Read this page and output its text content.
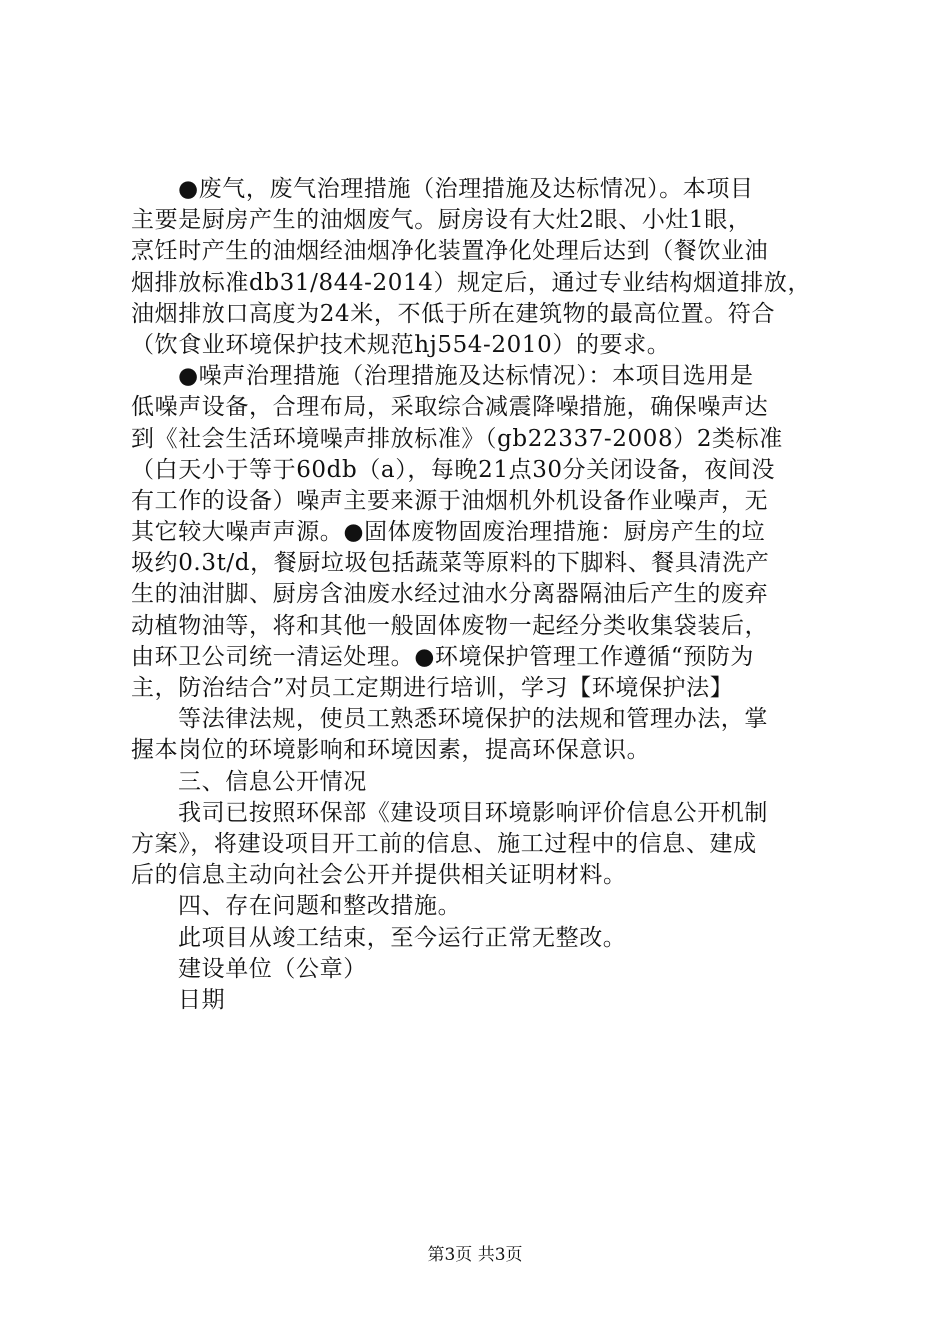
●废气，废气治理措施（治理措施及达标情况）。本项目
主要是厨房产生的油烟废气。厨房设有大灶2眼、小灶1眼，
烹饪时产生的油烟经油烟净化装置净化处理后达到（餐饮业油
烟排放标准db31/844-2014）规定后，通过专业结构烟道排放，
油烟排放口高度为24米，不低于所在建筑物的最高位置。符合
（饮食业环境保护技术规范hj554-2010）的要求。
●噪声治理措施（治理措施及达标情况）：本项目选用是
低噪声设备，合理布局，采取综合减震降噪措施，确保噪声达
到《社会生活环境噪声排放标准》（gb22337-2008）2类标准
（白天小于等于60db（a），每晚21点30分关闭设备，夜间没
有工作的设备）噪声主要来源于油烟机外机设备作业噪声，无
其它较大噪声声源。●固体废物固废治理措施：厨房产生的垃
圾约0.3t/d，餐厨垃圾包括蔬菜等原料的下脚料、餐具清洗产
生的油泔脚、厨房含油废水经过油水分离器隔油后产生的废弃
动植物油等，将和其他一般固体废物一起经分类收集袋装后，
由环卫公司统一清运处理。●环境保护管理工作遵循“预防为
主，防治结合”对员工定期进行培训，学习【环境保护法】
等法律法规，使员工熟悉环境保护的法规和管理办法，掌
握本岗位的环境影响和环境因素，提高环保意识。
三、信息公开情况
我司已按照环保部《建设项目环境影响评价信息公开机制
方案》，将建设项目开工前的信息、施工过程中的信息、建成
后的信息主动向社会公开并提供相关证明材料。
四、存在问题和整改措施。
此项目从竣工结束，至今运行正常无整改。
建设单位（公章）
日期
第3页 共3页
